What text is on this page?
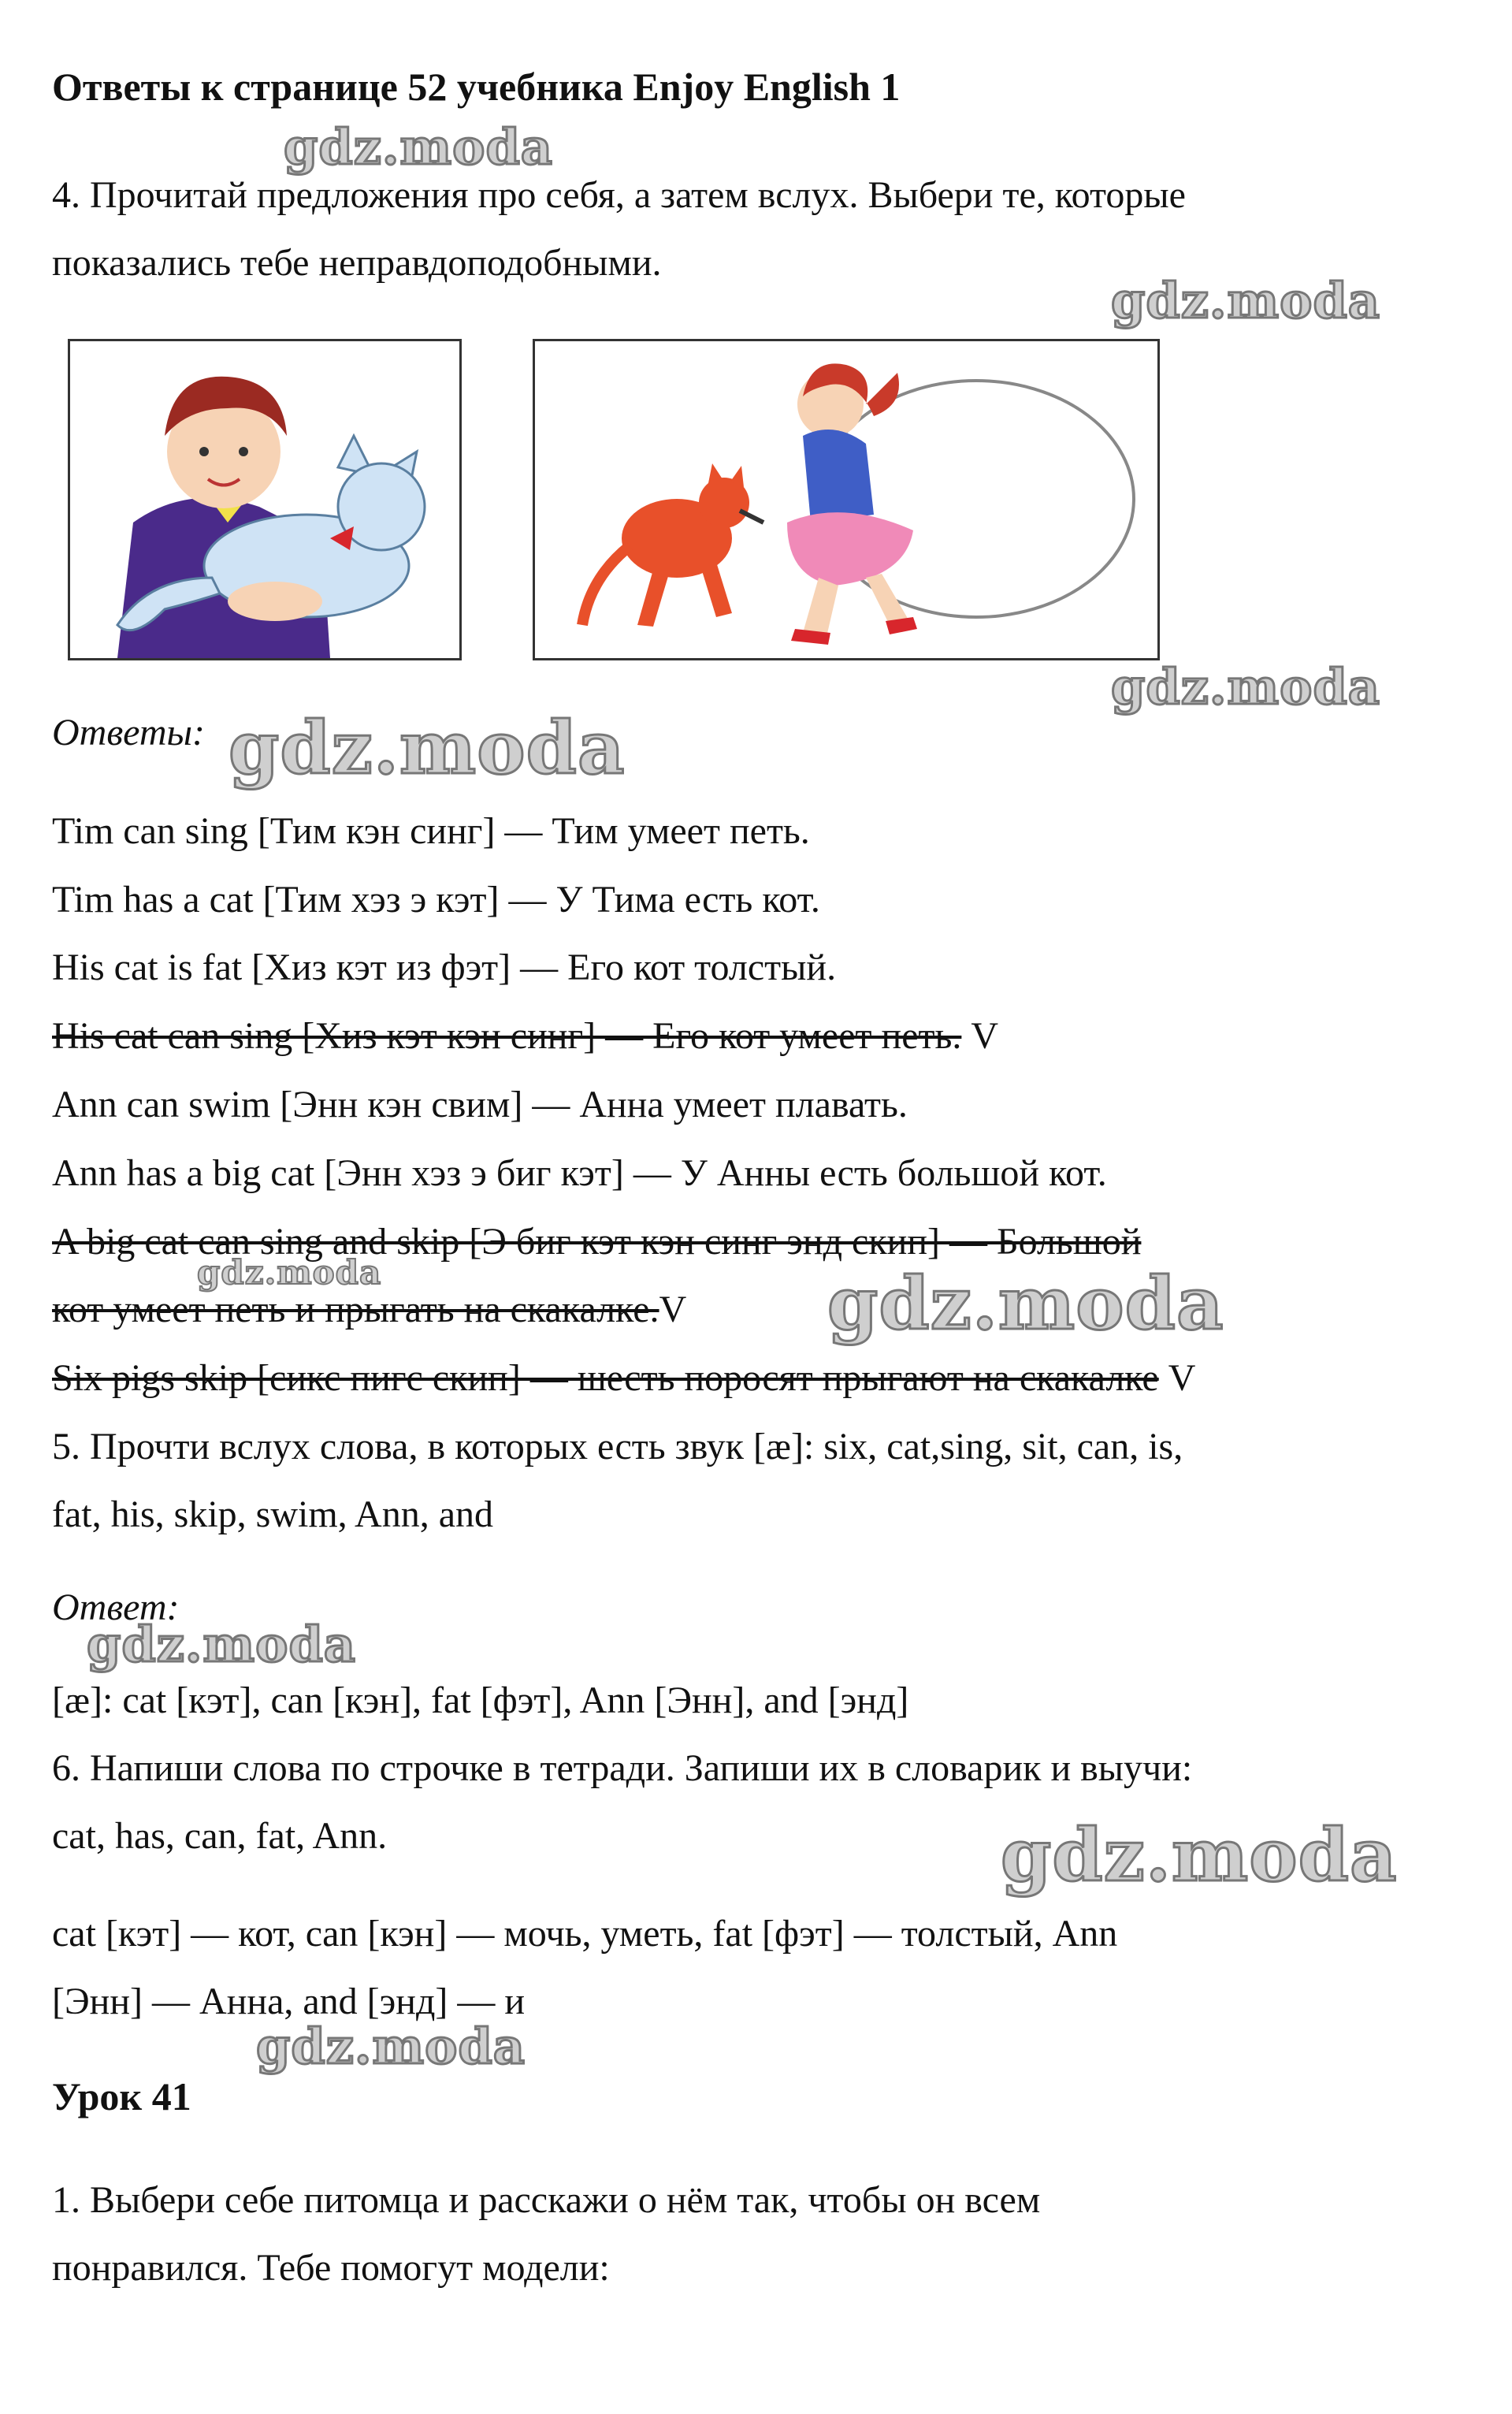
Ответы к странице 52 учебника Enjoy English 1
4. Прочитай предложения про себя, а затем вслух. Выбери те, которые
показались тебе неправдоподобными.
Ответы:
Tim can sing [Тим кэн синг] — Тим умеет петь.
Tim has a cat [Тим хэз э кэт] — У Тима есть кот.
His cat is fat [Хиз кэт из фэт] — Его кот толстый.
His cat can sing [Хиз кэт кэн синг] — Его кот умеет петь. V
Ann can swim [Энн кэн свим] — Анна умеет плавать.
Ann has a big cat [Энн хэз э биг кэт] — У Анны есть большой кот.
A big cat can sing and skip [Э биг кэт кэн синг энд скип] — Большой
кот умеет петь и прыгать на скакалке.V
Six pigs skip [сикс пигс скип] — шесть поросят прыгают на скакалке V
5. Прочти вслух слова, в которых есть звук [æ]: six, cat,sing, sit, can, is,
fat, his, skip, swim, Ann, and
Ответ:
[æ]: cat [кэт], can [кэн], fat [фэт], Ann [Энн], and [энд]
6. Напиши слова по строчке в тетради. Запиши их в словарик и выучи:
cat, has, can, fat, Ann.
cat [кэт] — кот, can [кэн] — мочь, уметь, fat [фэт] — толстый, Ann
[Энн] — Анна, and [энд] — и
Урок 41
1. Выбери себе питомца и расскажи о нём так, чтобы он всем
понравился. Тебе помогут модели:
gdz.moda
gdz.moda
gdz.moda
gdz.moda
gdz.moda	gdz.moda
gdz.moda
gdz.moda
gdz.moda
